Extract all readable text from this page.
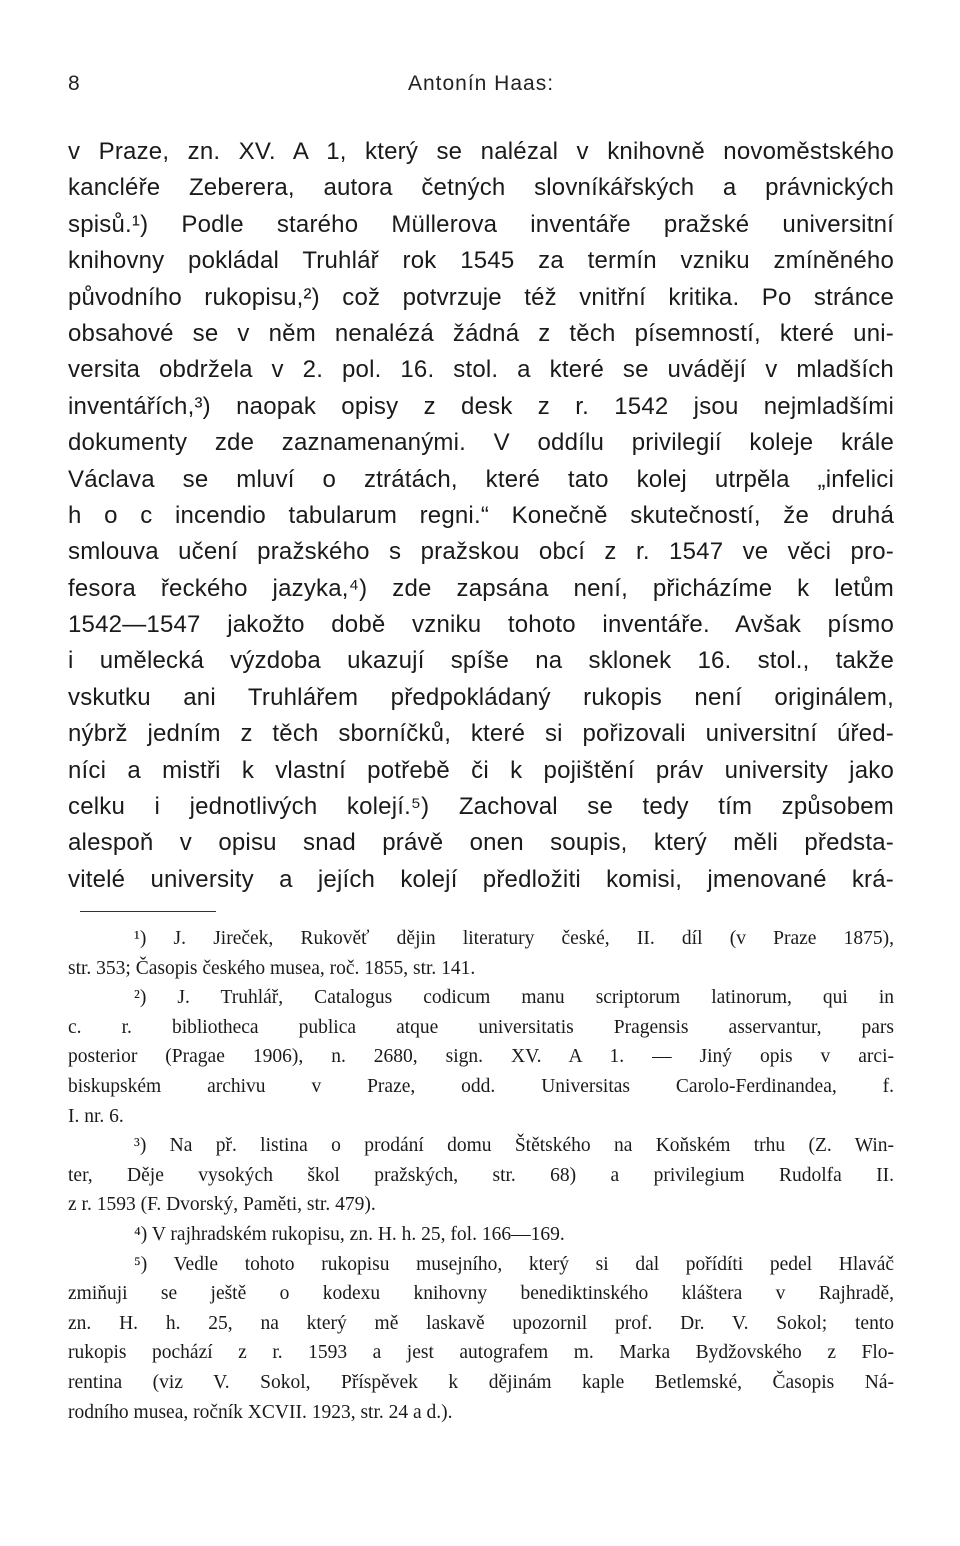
8	Antonín Haas:
v Praze, zn. XV. A 1, který se nalézal v knihovně novoměstského
kancléře Zeberera, autora četných slovníkářských a právnických
spisů.¹) Podle starého Müllerova inventáře pražské universitní
knihovny pokládal Truhlář rok 1545 za termín vzniku zmíněného
původního rukopisu,²) což potvrzuje též vnitřní kritika. Po stránce
obsahové se v něm nenalézá žádná z těch písemností, které uni-
versita obdržela v 2. pol. 16. stol. a které se uvádějí v mladších
inventářích,³) naopak opisy z desk z r. 1542 jsou nejmladšími
dokumenty zde zaznamenanými. V oddílu privilegií koleje krále
Václava se mluví o ztrátách, které tato kolej utrpěla „infelici
h o c incendio tabularum regni.“ Konečně skutečností, že druhá
smlouva učení pražského s pražskou obcí z r. 1547 ve věci pro-
fesora řeckého jazyka,⁴) zde zapsána není, přicházíme k letům
1542—1547 jakožto době vzniku tohoto inventáře. Avšak písmo
i umělecká výzdoba ukazují spíše na sklonek 16. stol., takže
vskutku ani Truhlářem předpokládaný rukopis není originálem,
nýbrž jedním z těch sborníčků, které si pořizovali universitní úřed-
níci a mistři k vlastní potřebě či k pojištění práv university jako
celku i jednotlivých kolejí.⁵) Zachoval se tedy tím způsobem
alespoň v opisu snad právě onen soupis, který měli předsta-
vitelé university a jejích kolejí předložiti komisi, jmenované krá-
¹) J. Jireček, Rukověť dějin literatury české, II. díl (v Praze 1875),
str. 353; Časopis českého musea, roč. 1855, str. 141.
²) J. Truhlář, Catalogus codicum manu scriptorum latinorum, qui in
c. r. bibliotheca publica atque universitatis Pragensis asservantur, pars
posterior (Pragae 1906), n. 2680, sign. XV. A 1. — Jiný opis v arci-
biskupském archivu v Praze, odd. Universitas Carolo-Ferdinandea, f.
I. nr. 6.
³) Na př. listina o prodání domu Štětského na Koňském trhu (Z. Win-
ter, Děje vysokých škol pražských, str. 68) a privilegium Rudolfa II.
z r. 1593 (F. Dvorský, Paměti, str. 479).
⁴) V rajhradském rukopisu, zn. H. h. 25, fol. 166—169.
⁵) Vedle tohoto rukopisu musejního, který si dal pořídíti pedel Hlaváč
zmiňuji se ještě o kodexu knihovny benediktinského kláštera v Rajhradě,
zn. H. h. 25, na který mě laskavě upozornil prof. Dr. V. Sokol; tento
rukopis pochází z r. 1593 a jest autografem m. Marka Bydžovského z Flo-
rentina (viz V. Sokol, Příspěvek k dějinám kaple Betlemské, Časopis Ná-
rodního musea, ročník XCVII. 1923, str. 24 a d.).
